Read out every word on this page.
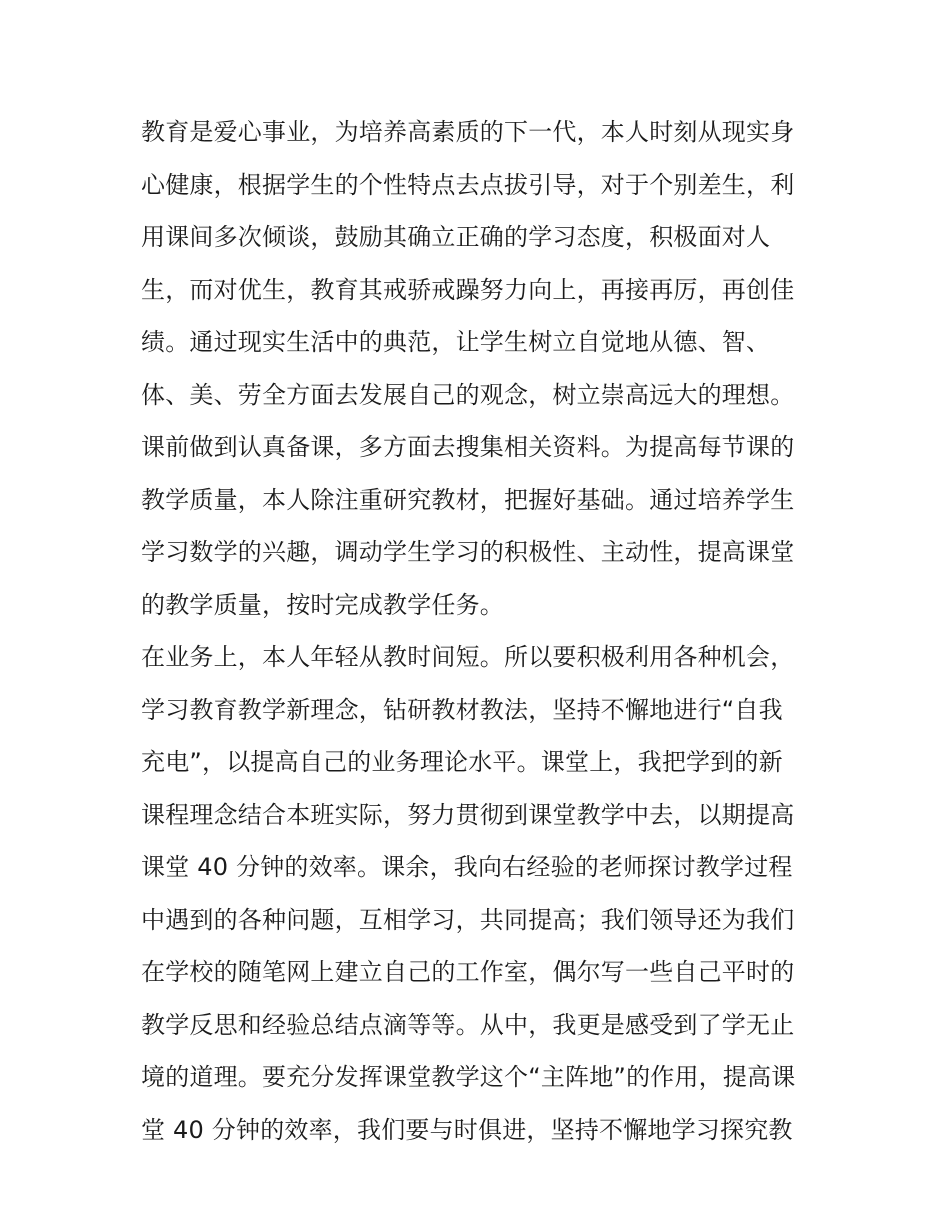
教育是爱心事业，为培养高素质的下一代，本人时刻从现实身
心健康，根据学生的个性特点去点拔引导，对于个别差生，利
用课间多次倾谈，鼓励其确立正确的学习态度，积极面对人
生，而对优生，教育其戒骄戒躁努力向上，再接再厉，再创佳
绩。通过现实生活中的典范，让学生树立自觉地从德、智、
体、美、劳全方面去发展自己的观念，树立崇高远大的理想。
课前做到认真备课，多方面去搜集相关资料。为提高每节课的
教学质量，本人除注重研究教材，把握好基础。通过培养学生
学习数学的兴趣，调动学生学习的积极性、主动性，提高课堂
的教学质量，按时完成教学任务。
在业务上，本人年轻从教时间短。所以要积极利用各种机会，
学习教育教学新理念，钻研教材教法，坚持不懈地进行“自我
充电”，以提高自己的业务理论水平。课堂上，我把学到的新
课程理念结合本班实际，努力贯彻到课堂教学中去，以期提高
课堂 40 分钟的效率。课余，我向右经验的老师探讨教学过程
中遇到的各种问题，互相学习，共同提高；我们领导还为我们
在学校的随笔网上建立自己的工作室，偶尔写一些自己平时的
教学反思和经验总结点滴等等。从中，我更是感受到了学无止
境的道理。要充分发挥课堂教学这个“主阵地”的作用，提高课
堂 40 分钟的效率，我们要与时俱进，坚持不懈地学习探究教
